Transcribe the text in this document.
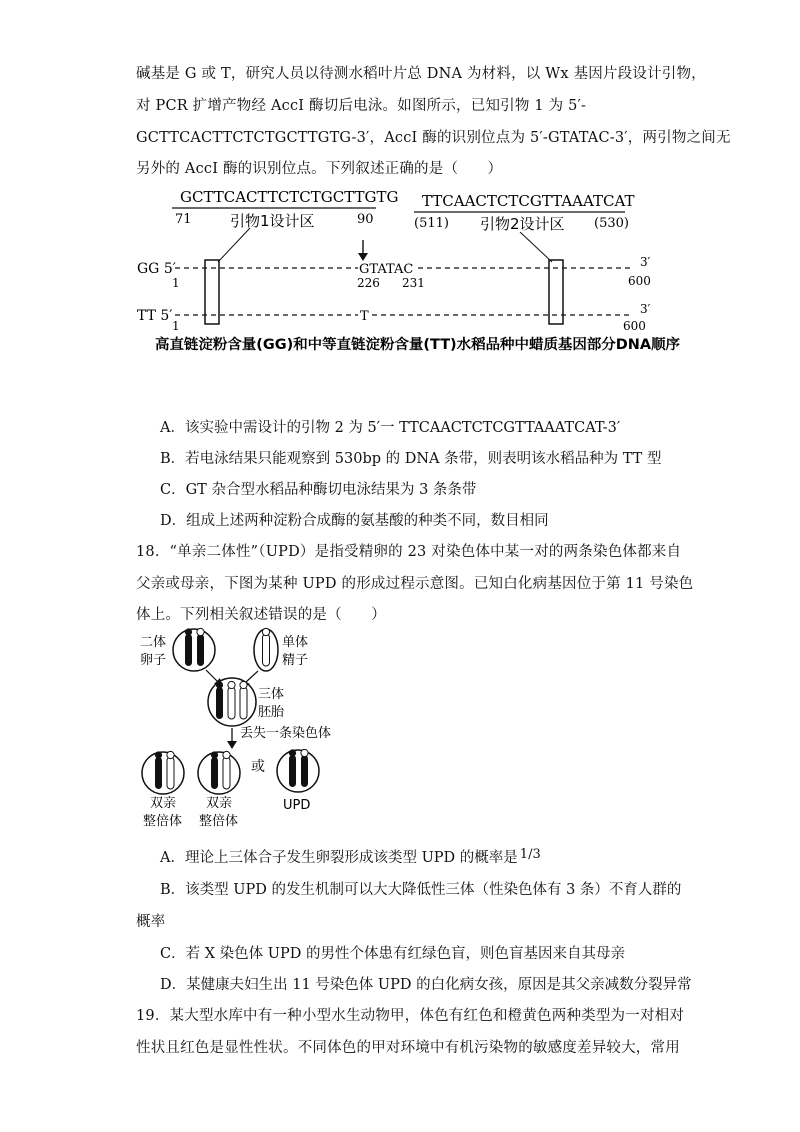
碱基是 G 或 T，研究人员以待测水稻叶片总 DNA 为材料，以 Wx 基因片段设计引物，
对 PCR 扩增产物经 AccⅠ 酶切后电泳。如图所示，已知引物 1 为 5′-
GCTTCACTTCTCTGCTTGTG-3′，AccⅠ 酶的识别位点为 5′-GTATAC-3′，两引物之间无
另外的 AccⅠ 酶的识别位点。下列叙述正确的是（　　）
GCTTCACTTCTCTGCTTGTG
71	90
引物1设计区
TTCAACTCTCGTTAAATCAT
(511)	(530)
引物2设计区
GG 5′
1
GTATAC	3′
226 231	600
TT 5′
1
T	3′
600
高直链淀粉含量(GG)和中等直链淀粉含量(TT)水稻品种中蜡质基因部分DNA顺序
A．该实验中需设计的引物 2 为 5′一 TTCAACTCTCGTTAAATCAT-3′
B．若电泳结果只能观察到 530bp 的 DNA 条带，则表明该水稻品种为 TT 型
C．GT 杂合型水稻品种酶切电泳结果为 3 条条带
D．组成上述两种淀粉合成酶的氨基酸的种类不同，数目相同
18．“单亲二体性”（UPD）是指受精卵的 23 对染色体中某一对的两条染色体都来自
父亲或母亲，下图为某种 UPD 的形成过程示意图。已知白化病基因位于第 11 号染色
体上。下列相关叙述错误的是（　　）
二体
卵子
单体
精子
三体
胚胎
丢失一条染色体
或
双亲
整倍体
双亲
整倍体
UPD
A．理论上三体合子发生卵裂形成该类型 UPD 的概率是 1/3
B．该类型 UPD 的发生机制可以大大降低性三体（性染色体有 3 条）不育人群的
概率
C．若 X 染色体 UPD 的男性个体患有红绿色盲，则色盲基因来自其母亲
D．某健康夫妇生出 11 号染色体 UPD 的白化病女孩，原因是其父亲减数分裂异常
19．某大型水库中有一种小型水生动物甲，体色有红色和橙黄色两种类型为一对相对
性状且红色是显性性状。不同体色的甲对环境中有机污染物的敏感度差异较大，常用
